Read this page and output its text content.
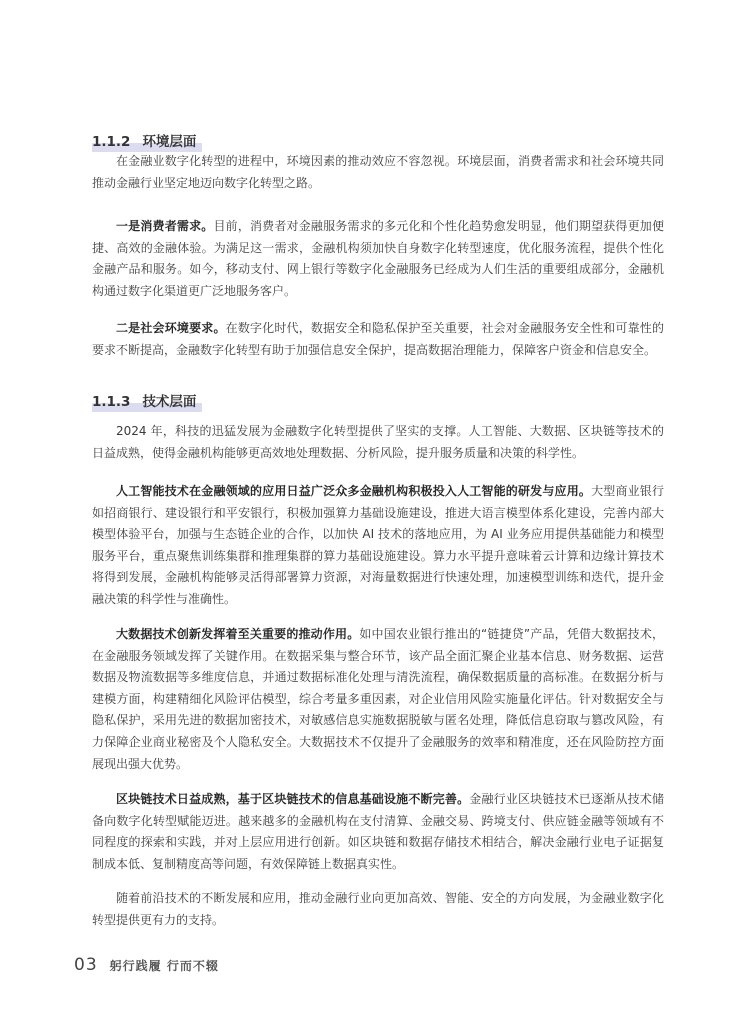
1.1.2 环境层面

在金融业数字化转型的进程中，环境因素的推动效应不容忽视。环境层面，消费者需求和社会环境共同推动金融行业坚定地迈向数字化转型之路。

一是消费者需求。目前，消费者对金融服务需求的多元化和个性化趋势愈发明显，他们期望获得更加便捷、高效的金融体验。为满足这一需求，金融机构须加快自身数字化转型速度，优化服务流程，提供个性化金融产品和服务。如今，移动支付、网上银行等数字化金融服务已经成为人们生活的重要组成部分，金融机构通过数字化渠道更广泛地服务客户。

二是社会环境要求。在数字化时代，数据安全和隐私保护至关重要，社会对金融服务安全性和可靠性的要求不断提高，金融数字化转型有助于加强信息安全保护，提高数据治理能力，保障客户资金和信息安全。

1.1.3 技术层面

2024 年，科技的迅猛发展为金融数字化转型提供了坚实的支撑。人工智能、大数据、区块链等技术的日益成熟，使得金融机构能够更高效地处理数据、分析风险，提升服务质量和决策的科学性。

人工智能技术在金融领域的应用日益广泛众多金融机构积极投入人工智能的研发与应用。大型商业银行如招商银行、建设银行和平安银行，积极加强算力基础设施建设，推进大语言模型体系化建设，完善内部大模型体验平台，加强与生态链企业的合作，以加快 AI 技术的落地应用，为 AI 业务应用提供基础能力和模型服务平台，重点聚焦训练集群和推理集群的算力基础设施建设。算力水平提升意味着云计算和边缘计算技术将得到发展，金融机构能够灵活得部署算力资源，对海量数据进行快速处理，加速模型训练和迭代，提升金融决策的科学性与准确性。

大数据技术创新发挥着至关重要的推动作用。如中国农业银行推出的“链捷贷”产品，凭借大数据技术，在金融服务领域发挥了关键作用。在数据采集与整合环节，该产品全面汇聚企业基本信息、财务数据、运营数据及物流数据等多维度信息，并通过数据标准化处理与清洗流程，确保数据质量的高标准。在数据分析与建模方面，构建精细化风险评估模型，综合考量多重因素，对企业信用风险实施量化评估。针对数据安全与隐私保护，采用先进的数据加密技术，对敏感信息实施数据脱敏与匿名处理，降低信息窃取与篡改风险，有力保障企业商业秘密及个人隐私安全。大数据技术不仅提升了金融服务的效率和精准度，还在风险防控方面展现出强大优势。

区块链技术日益成熟，基于区块链技术的信息基础设施不断完善。金融行业区块链技术已逐渐从技术储备向数字化转型赋能迈进。越来越多的金融机构在支付清算、金融交易、跨境支付、供应链金融等领域有不同程度的探索和实践，并对上层应用进行创新。如区块链和数据存储技术相结合，解决金融行业电子证据复制成本低、复制精度高等问题，有效保障链上数据真实性。

随着前沿技术的不断发展和应用，推动金融行业向更加高效、智能、安全的方向发展，为金融业数字化转型提供更有力的支持。

03 躬行践履 行而不辍
